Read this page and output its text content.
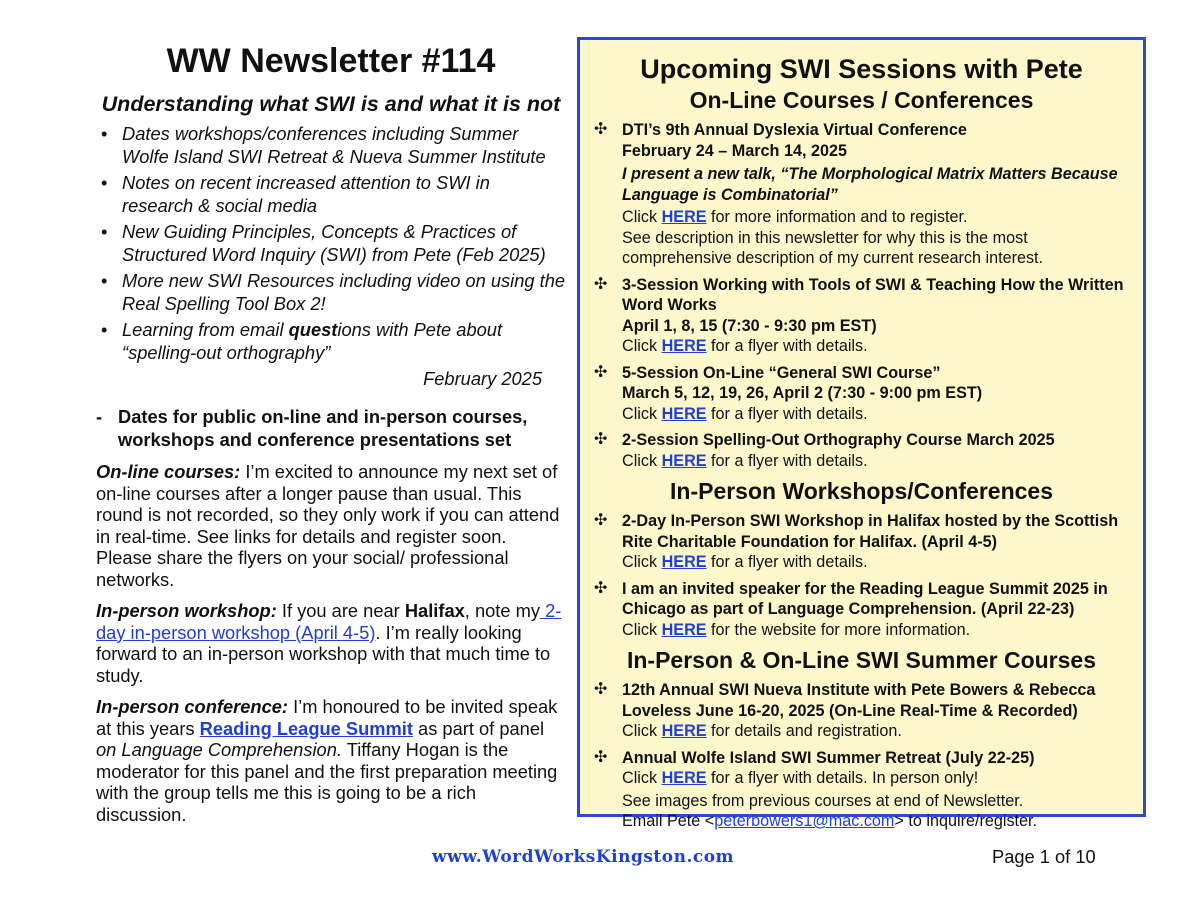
WW Newsletter #114
Understanding what SWI is and what it is not
• Dates workshops/conferences including Summer Wolfe Island SWI Retreat & Nueva Summer Institute
• Notes on recent increased attention to SWI in research & social media
• New Guiding Principles, Concepts & Practices of Structured Word Inquiry (SWI) from Pete (Feb 2025)
• More new SWI Resources including video on using the Real Spelling Tool Box 2!
• Learning from email questions with Pete about “spelling-out orthography”
February 2025
- Dates for public on-line and in-person courses, workshops and conference presentations set

On-line courses: I’m excited to announce my next set of on-line courses after a longer pause than usual. This round is not recorded, so they only work if you can attend in real-time. See links for details and register soon. Please share the flyers on your social/ professional networks.

In-person workshop: If you are near Halifax, note my 2-day in-person workshop (April 4-5). I’m really looking forward to an in-person workshop with that much time to study.

In-person conference: I’m honoured to be invited speak at this years Reading League Summit as part of panel on Language Comprehension. Tiffany Hogan is the moderator for this panel and the first preparation meeting with the group tells me this is going to be a rich discussion.

Upcoming SWI Sessions with Pete
On-Line Courses / Conferences
✣ DTI’s 9th Annual Dyslexia Virtual Conference
February 24 – March 14, 2025
I present a new talk, “The Morphological Matrix Matters Because Language is Combinatorial”
Click HERE for more information and to register.
See description in this newsletter for why this is the most comprehensive description of my current research interest.
✣ 3-Session Working with Tools of SWI & Teaching How the Written Word Works
April 1, 8, 15 (7:30 - 9:30 pm EST)
Click HERE for a flyer with details.
✣ 5-Session On-Line “General SWI Course”
March 5, 12, 19, 26, April 2 (7:30 - 9:00 pm EST)
Click HERE for a flyer with details.
✣ 2-Session Spelling-Out Orthography Course March 2025
Click HERE for a flyer with details.
In-Person Workshops/Conferences
✣ 2-Day In-Person SWI Workshop in Halifax hosted by the Scottish Rite Charitable Foundation for Halifax. (April 4-5)
Click HERE for a flyer with details.
✣ I am an invited speaker for the Reading League Summit 2025 in Chicago as part of Language Comprehension. (April 22-23)
Click HERE for the website for more information.
In-Person & On-Line SWI Summer Courses
✣ 12th Annual SWI Nueva Institute with Pete Bowers & Rebecca Loveless June 16-20, 2025 (On-Line Real-Time & Recorded)
Click HERE for details and registration.
✣ Annual Wolfe Island SWI Summer Retreat (July 22-25)
Click HERE for a flyer with details. In person only!
See images from previous courses at end of Newsletter.
Email Pete <peterbowers1@mac.com> to inquire/register.
www.WordWorksKingston.com	Page 1 of 10
